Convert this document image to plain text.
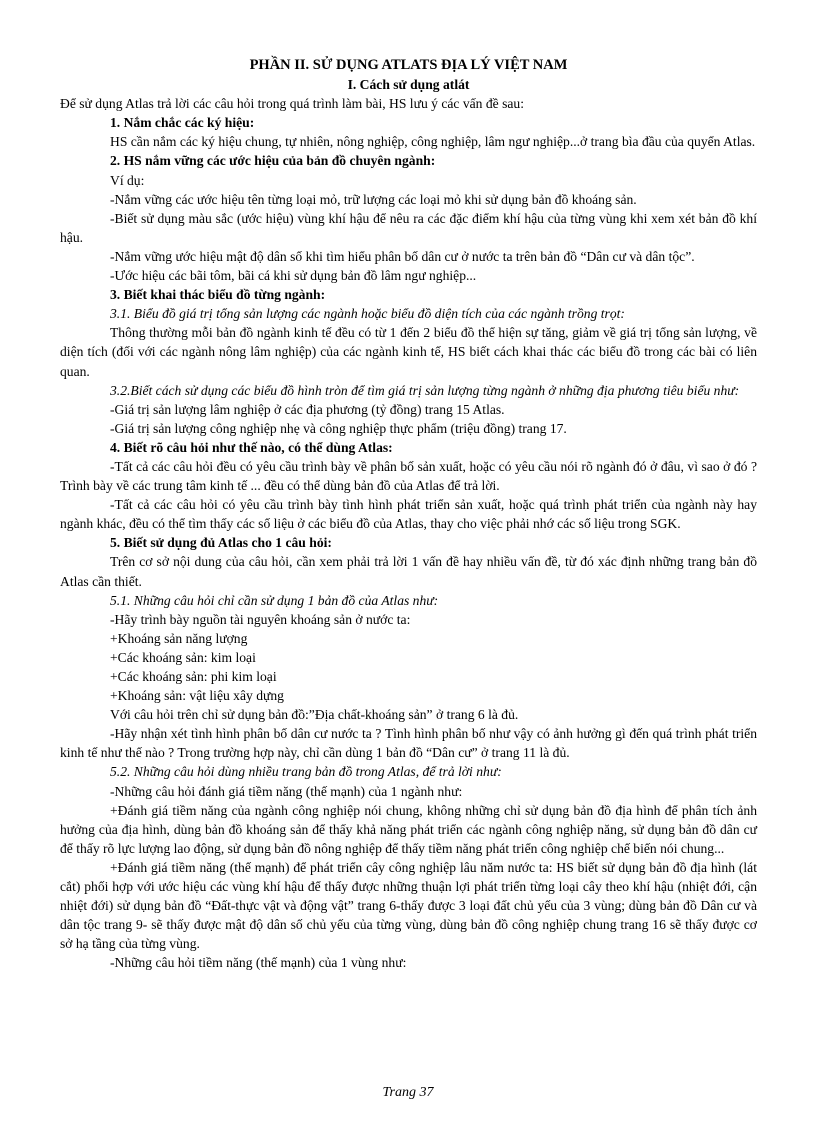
PHẦN II. SỬ DỤNG ATLATS ĐỊA LÝ VIỆT NAM
I. Cách sử dụng atlát

Để sử dụng Atlas trả lời các câu hỏi trong quá trình làm bài, HS lưu ý các vấn đề sau:

1. Nắm chắc các ký hiệu:

HS cần nắm các ký hiệu chung, tự nhiên, nông nghiệp, công nghiệp, lâm ngư nghiệp...ở trang bìa đầu của quyển Atlas.

2. HS nắm vững các ước hiệu của bản đồ chuyên ngành:

Ví dụ:

-Nắm vững các ước hiệu tên từng loại mỏ, trữ lượng các loại mỏ khi sử dụng bản đồ khoáng sản.

-Biết sử dụng màu sắc (ước hiệu) vùng khí hậu để nêu ra các đặc điểm khí hậu của từng vùng khi xem xét bản đồ khí hậu.

-Nắm vững ước hiệu mật độ dân số khi tìm hiểu phân bố dân cư ở nước ta trên bản đồ “Dân cư và dân tộc”.

-Ước hiệu các bãi tôm, bãi cá khi sử dụng bản đồ lâm ngư nghiệp...

3. Biết khai thác biểu đồ từng ngành:

3.1. Biểu đồ giá trị tổng sản lượng các ngành hoặc biểu đồ diện tích của các ngành trồng trọt:

Thông thường mỗi bản đồ ngành kinh tế đều có từ 1 đến 2 biểu đồ thể hiện sự tăng, giảm về giá trị tổng sản lượng, về diện tích (đối với các ngành nông lâm nghiệp) của các ngành kinh tế, HS biết cách khai thác các biểu đồ trong các bài có liên quan.

3.2.Biết cách sử dụng các biểu đồ hình tròn để tìm giá trị sản lượng từng ngành ở những địa phương tiêu biểu như:

-Giá trị sản lượng lâm nghiệp ở các địa phương (tỷ đồng) trang 15 Atlas.

-Giá trị sản lượng công nghiệp nhẹ và công nghiệp thực phẩm (triệu đồng) trang 17.

4. Biết rõ câu hỏi như thế nào, có thể dùng Atlas:

-Tất cả các câu hỏi đều có yêu cầu trình bày về phân bố sản xuất, hoặc có yêu cầu nói rõ ngành đó ở đâu, vì sao ở đó ? Trình bày về các trung tâm kinh tế ... đều có thể dùng bản đồ của Atlas để trả lời.

-Tất cả các câu hỏi có yêu cầu trình bày tình hình phát triển sản xuất, hoặc quá trình phát triển của ngành này hay ngành khác, đều có thể tìm thấy các số liệu ở các biểu đồ của Atlas, thay cho việc phải nhớ các số liệu trong SGK.

5. Biết sử dụng đủ Atlas cho 1 câu hỏi:

Trên cơ sở nội dung của câu hỏi, cần xem phải trả lời 1 vấn đề hay nhiều vấn đề, từ đó xác định những trang bản đồ Atlas cần thiết.

5.1. Những câu hỏi chỉ cần sử dụng 1 bản đồ của Atlas như:

-Hãy trình bày nguồn tài nguyên khoáng sản ở nước ta:

+Khoáng sản năng lượng

+Các khoáng sản: kim loại

+Các khoáng sản: phi kim loại

+Khoáng sản: vật liệu xây dựng

Với câu hỏi trên chỉ sử dụng bản đồ:”Địa chất-khoáng sản” ở trang 6 là đủ.

-Hãy nhận xét tình hình phân bố dân cư nước ta ? Tình hình phân bố như vậy có ảnh hưởng gì đến quá trình phát triển kinh tế như thế nào ? Trong trường hợp này, chỉ cần dùng 1 bản đồ “Dân cư” ở trang 11 là đủ.

5.2. Những câu hỏi dùng nhiều trang bản đồ trong Atlas, để trả lời như:

-Những câu hỏi đánh giá tiềm năng (thế mạnh) của 1 ngành như:

+Đánh giá tiềm năng của ngành công nghiệp nói chung, không những chỉ sử dụng bản đồ địa hình để phân tích ảnh hưởng của địa hình, dùng bản đồ khoáng sản để thấy khả năng phát triển các ngành công nghiệp năng, sử dụng bản đồ dân cư để thấy rõ lực lượng lao động, sử dụng bản đồ nông nghiệp để thấy tiềm năng phát triển công nghiệp chế biến nói chung...

+Đánh giá tiềm năng (thế mạnh) để phát triển cây công nghiệp lâu năm nước ta: HS biết sử dụng bản đồ địa hình (lát cắt) phối hợp với ước hiệu các vùng khí hậu để thấy được những thuận lợi phát triển từng loại cây theo khí hậu (nhiệt đới, cận nhiệt đới) sử dụng bản đồ “Đất-thực vật và động vật” trang 6-thấy được 3 loại đất chủ yếu của 3 vùng; dùng bản đồ Dân cư và dân tộc trang 9- sẽ thấy được mật độ dân số chủ yếu của từng vùng, dùng bản đồ công nghiệp chung trang 16 sẽ thấy được cơ sở hạ tầng của từng vùng.

-Những câu hỏi tiềm năng (thế mạnh) của 1 vùng như:

Trang 37
